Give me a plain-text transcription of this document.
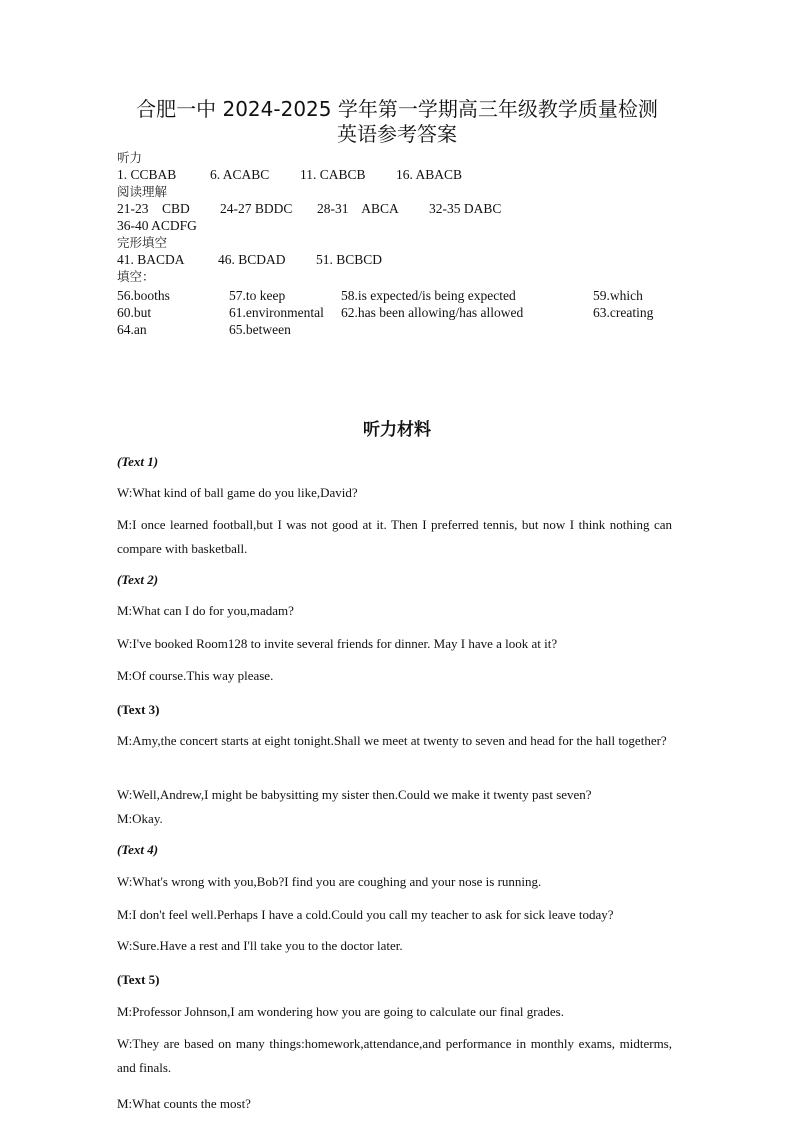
合肥一中 2024-2025 学年第一学期高三年级教学质量检测
英语参考答案
听力
1. CCBAB 6. ACABC 11. CABCB 16. ABACB
阅读理解
21-23    CBD 24-27 BDDC 28-31    ABCA 32-35 DABC
36-40 ACDFG
完形填空
41. BACDA 46. BCDAD 51. BCBCD
填空：
56.booths	57.to keep	58.is expected/is being expected	59.which
60.but	61.environmental 62.has been allowing/has allowed	63.creating
64.an	65.between
听力材料
(Text 1)
W:What kind of ball game do you like,David?
M:I once learned football,but I was not good at it. Then I preferred tennis, but now I think nothing can compare with basketball.
(Text 2)
M:What can I do for you,madam?
W:I've booked Room128 to invite several friends for dinner. May I have a look at it?
M:Of course.This way please.
(Text 3)
M:Amy,the concert starts at eight tonight.Shall we meet at twenty to seven and head for the hall together?
W:Well,Andrew,I might be babysitting my sister then.Could we make it twenty past seven?
M:Okay.
(Text 4)
W:What's wrong with you,Bob?I find you are coughing and your nose is running.
M:I don't feel well.Perhaps I have a cold.Could you call my teacher to ask for sick leave today?
W:Sure.Have a rest and I'll take you to the doctor later.
(Text 5)
M:Professor Johnson,I am wondering how you are going to calculate our final grades.
W:They are based on many things:homework,attendance,and performance in monthly exams, midterms, and finals.
M:What counts the most?
